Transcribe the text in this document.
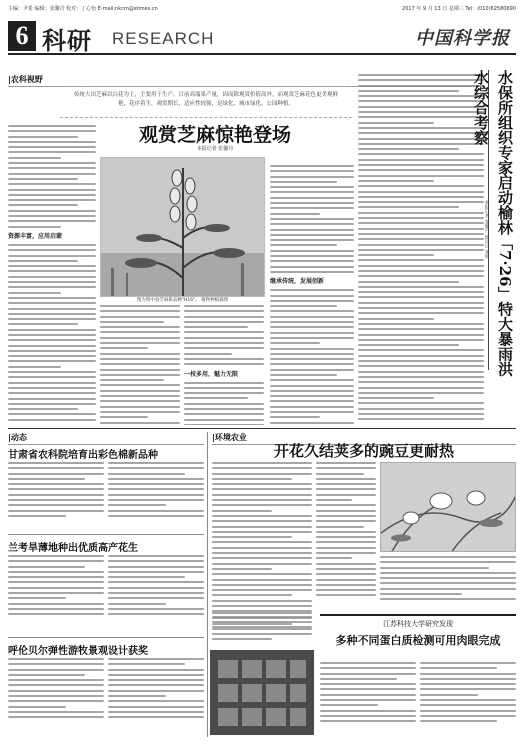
主编：尹希 编辑：张馨丹 校对：丁心怡 E-mail:nkcm@stimes.cn	2017 年 9 月 13 日 星期三 Tel：(010)62580690
6 科研 RESEARCH	中国科学报
|农科视野
传统大田芝麻以白花为主，主要用于生产。目前高端果产量，因而除观赏价值高外，而观赏芝麻花色更美观鲜艳，花序着生，观赏期长，适应性较强，是绿化、城市绿化、公园种植。
观赏芝麻惊艳登场
本报记者 张馨丹
图为资中县芝麻新品种"H16"。 植物种植插图
资源丰富，应用启蒙
一枝多用，魅力无限
继承传统，发展创新	水保所组织专家启动榆林「7·26」特大暴雨洪水综合考察
本报记者 张馨丹 通讯员 张姐
|动态
甘肃省农科院培育出彩色棉新品种
兰考旱薄地种出优质高产花生
呼伦贝尔弹性游牧景观设计获奖
|环境农业
开花久结荚多的豌豆更耐热
江苏科技大学研究发现
多种不同蛋白质检测可用肉眼完成
